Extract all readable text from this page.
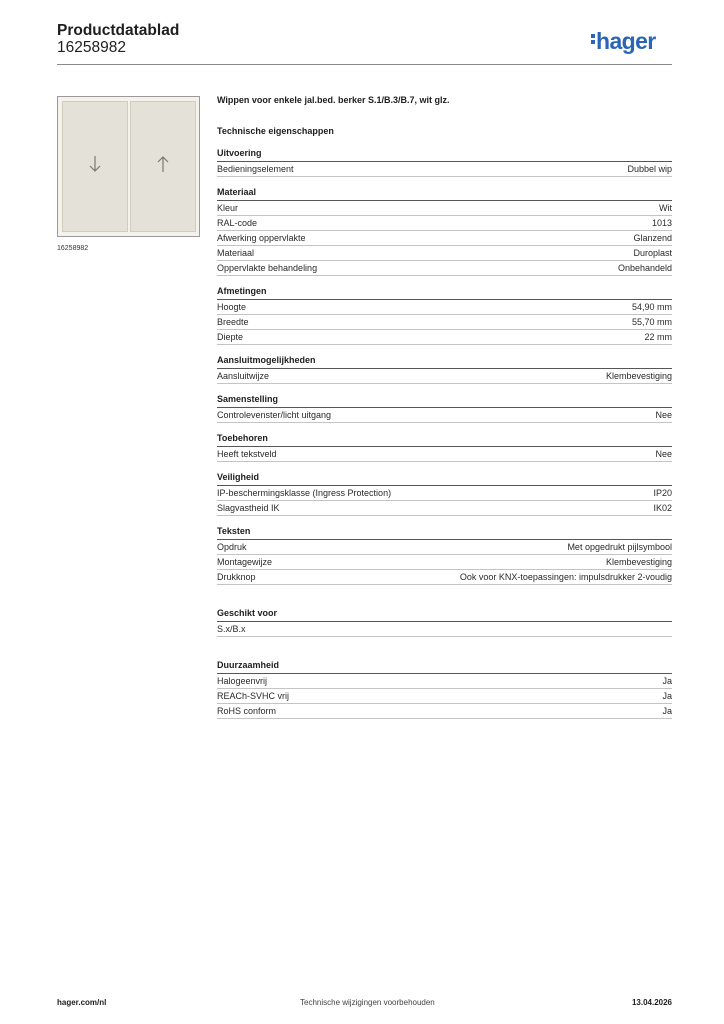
Productdatablad
16258982	hager
16258982
Wippen voor enkele jal.bed. berker S.1/B.3/B.7, wit glz.
Technische eigenschappen
Uitvoering
Bedieningselement	Dubbel wip
Materiaal
Kleur	Wit
RAL-code	1013
Afwerking oppervlakte	Glanzend
Materiaal	Duroplast
Oppervlakte behandeling	Onbehandeld
Afmetingen
Hoogte	54,90 mm
Breedte	55,70 mm
Diepte	22 mm
Aansluitmogelijkheden
Aansluitwijze	Klembevestiging
Samenstelling
Controlevenster/licht uitgang	Nee
Toebehoren
Heeft tekstveld	Nee
Veiligheid
IP-beschermingsklasse (Ingress Protection)	IP20
Slagvastheid IK	IK02
Teksten
Opdruk	Met opgedrukt pijlsymbool
Montagewijze	Klembevestiging
Drukknop	Ook voor KNX-toepassingen: impulsdrukker 2-voudig
Geschikt voor
S.x/B.x
Duurzaamheid
Halogeenvrij	Ja
REACh-SVHC vrij	Ja
RoHS conform	Ja
hager.com/nl	Technische wijzigingen voorbehouden	13.04.2026
